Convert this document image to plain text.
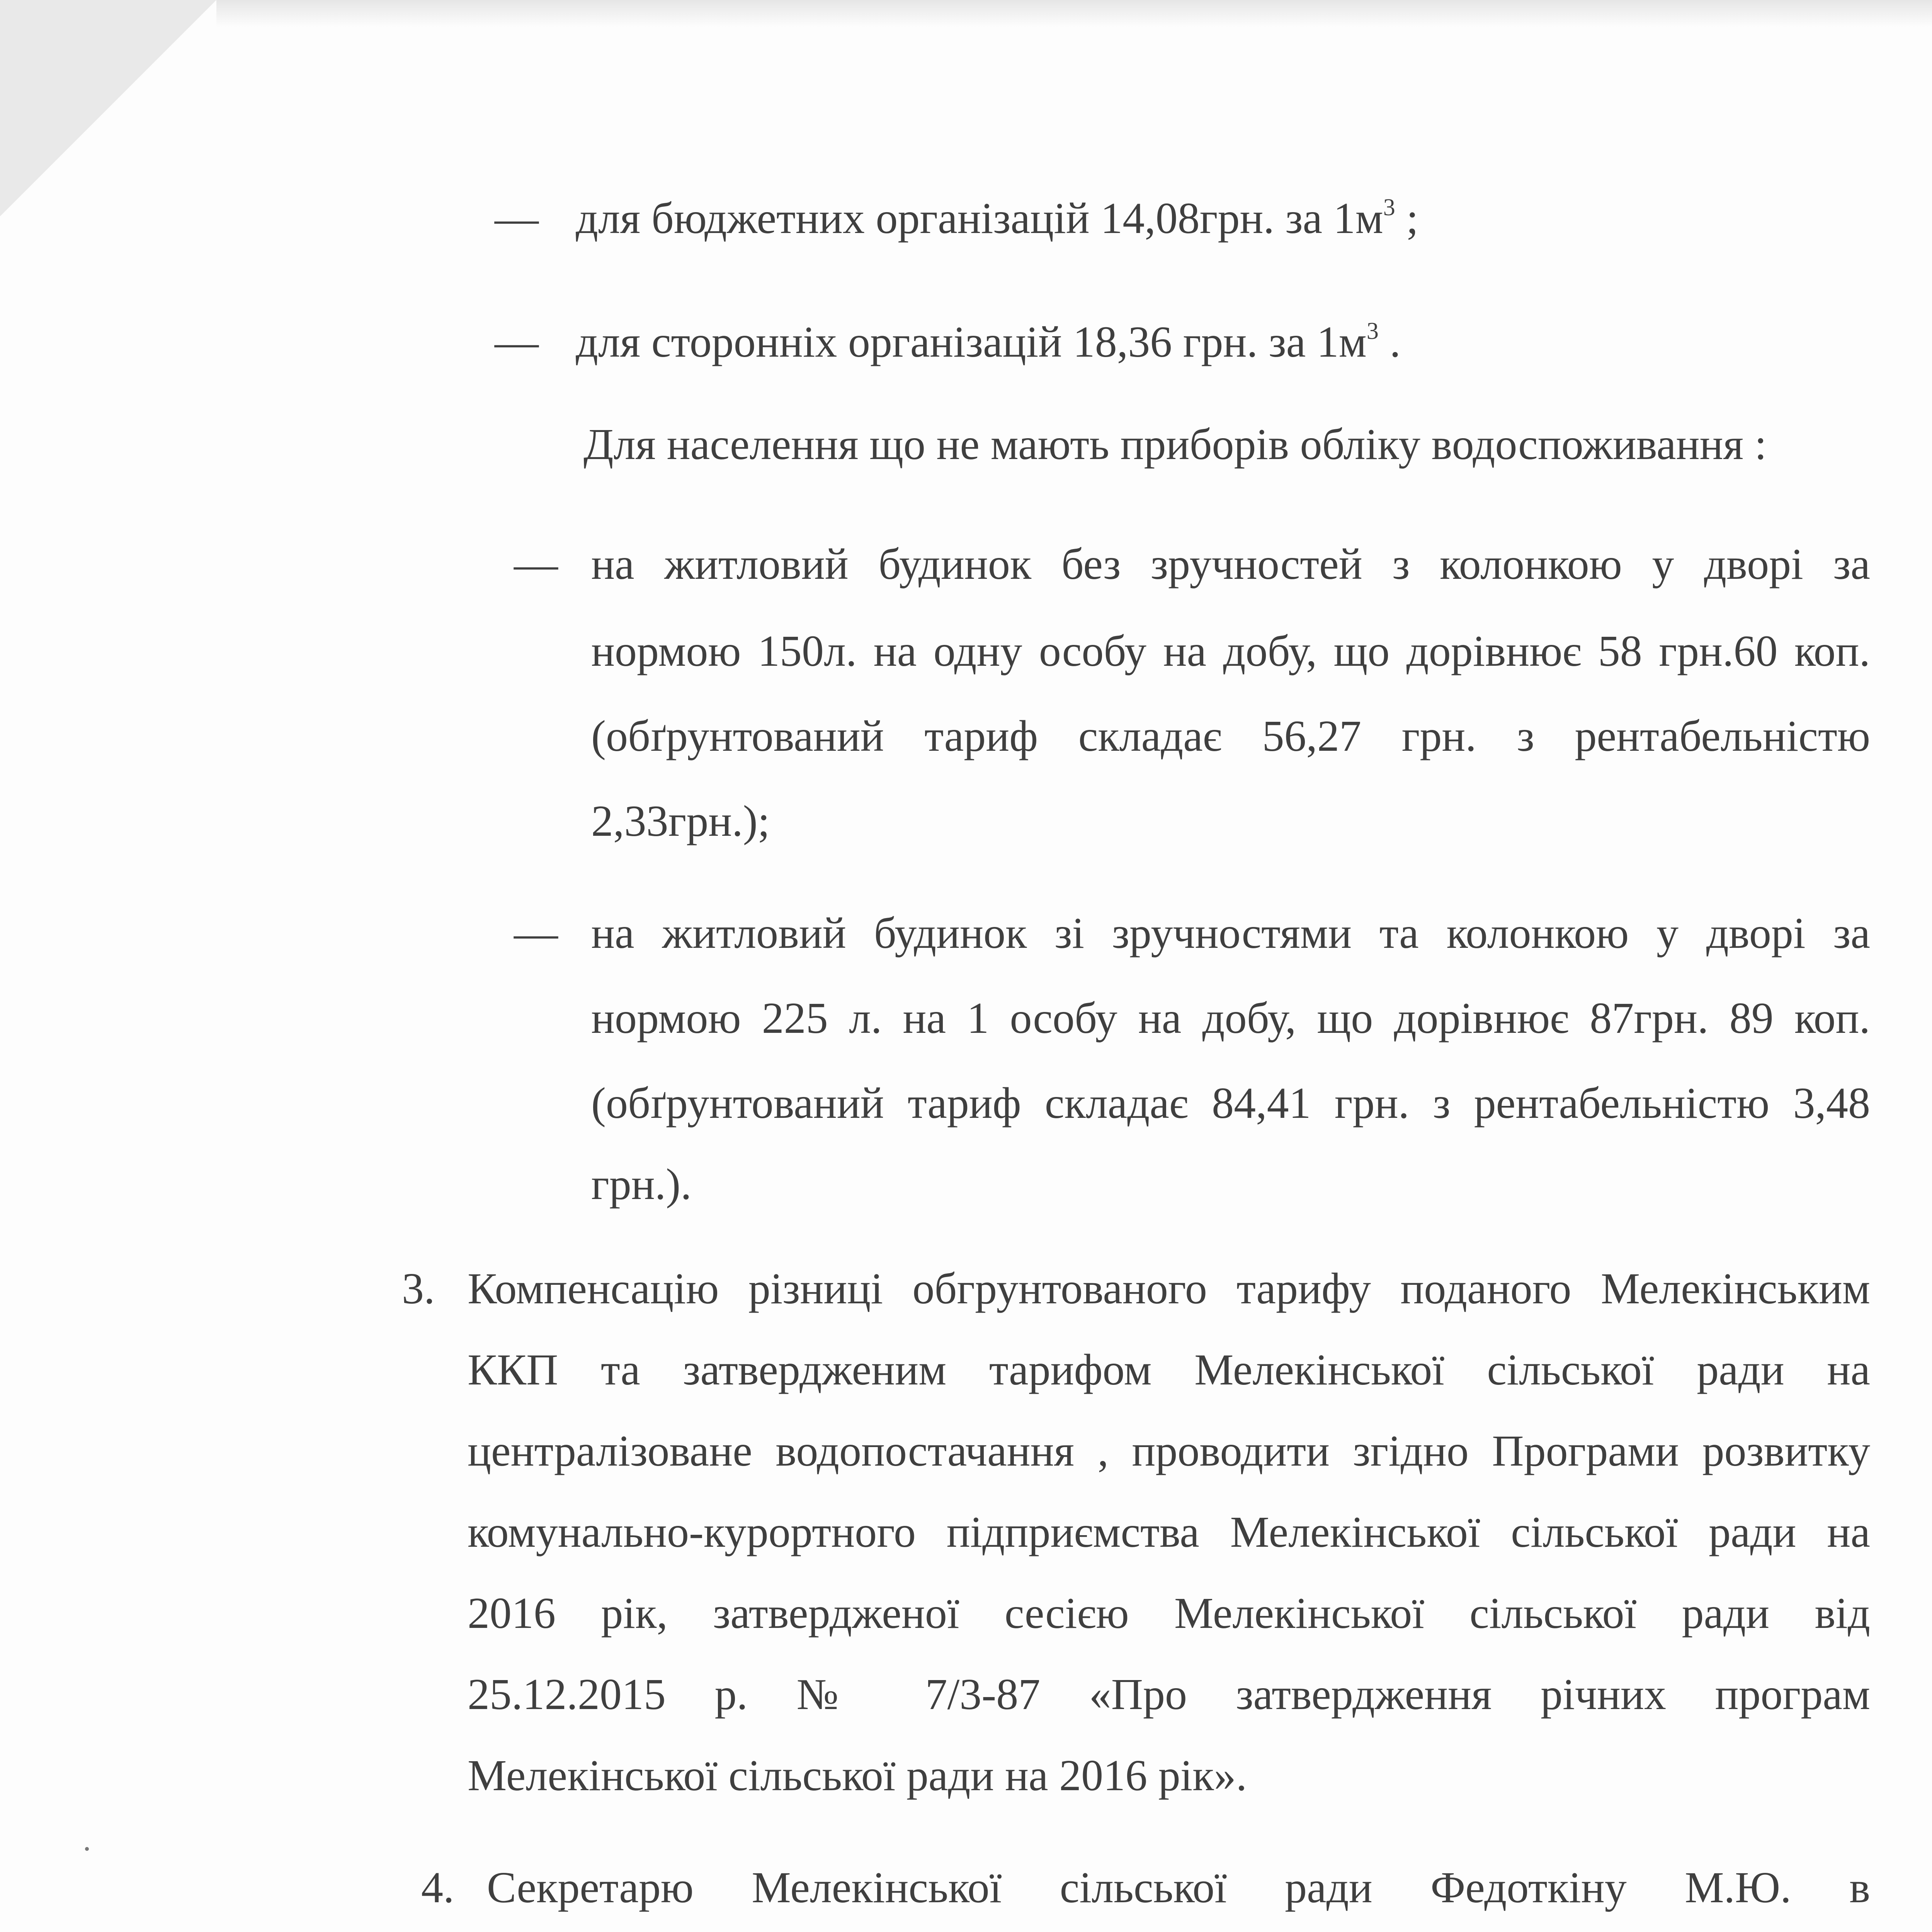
— для бюджетних організацій 14,08грн. за $1м^3$ ;
— для сторонніх організацій 18,36 грн. за $1м^3$ .
Для населення що не мають приборів обліку водоспоживання :
— на житловий будинок без зручностей з колонкою у дворі за
нормою 150л. на одну особу на добу, що дорівнює 58 грн.60 коп.
(обґрунтований тариф складає 56,27 грн. з рентабельністю
2,33грн.);
— на житловий будинок зі зручностями та колонкою у дворі за
нормою 225 л. на 1 особу на добу, що дорівнює 87грн. 89 коп.
(обґрунтований тариф складає 84,41 грн. з рентабельністю 3,48
грн.).
3. Компенсацію різниці обгрунтованого тарифу поданого Мелекінським
ККП та затвердженим тарифом Мелекінської сільської ради на
централізоване водопостачання , проводити згідно Програми розвитку
комунально-курортного підприємства Мелекінської сільської ради на
2016 рік, затвердженої сесією Мелекінської сільської ради від
25.12.2015 р. № 7/3-87 «Про затвердження річних програм
Мелекінської сільської ради на 2016 рік».
4. Секретарю Мелекінської сільської ради Федоткіну М.Ю. в
